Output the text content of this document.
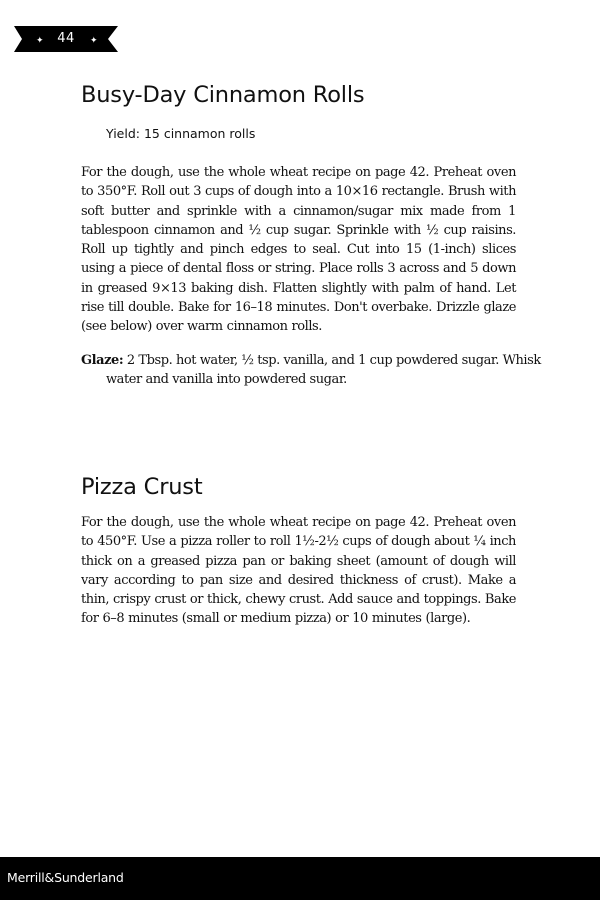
✦	✦
44
Busy-Day Cinnamon Rolls

Yield: 15 cinnamon rolls

For the dough, use the whole wheat recipe on page 42. Preheat oven to 350°F. Roll out 3 cups of dough into a 10×16 rectangle. Brush with soft butter and sprinkle with a cinnamon/sugar mix made from 1 tablespoon cinnamon and ½ cup sugar. Sprinkle with ½ cup raisins. Roll up tightly and pinch edges to seal. Cut into 15 (1-inch) slices using a piece of dental floss or string. Place rolls 3 across and 5 down in greased 9×13 baking dish. Flatten slightly with palm of hand. Let rise till double. Bake for 16–18 minutes. Don't overbake. Drizzle glaze (see below) over warm cinnamon rolls.

Glaze: 2 Tbsp. hot water, ½ tsp. vanilla, and 1 cup powdered sugar. Whisk water and vanilla into powdered sugar.

Pizza Crust

For the dough, use the whole wheat recipe on page 42. Preheat oven to 450°F. Use a pizza roller to roll 1½-2½ cups of dough about ¼ inch thick on a greased pizza pan or baking sheet (amount of dough will vary according to pan size and desired thickness of crust). Make a thin, crispy crust or thick, chewy crust. Add sauce and toppings. Bake for 6–8 minutes (small or medium pizza) or 10 minutes (large).

Merrill&Sunderland
